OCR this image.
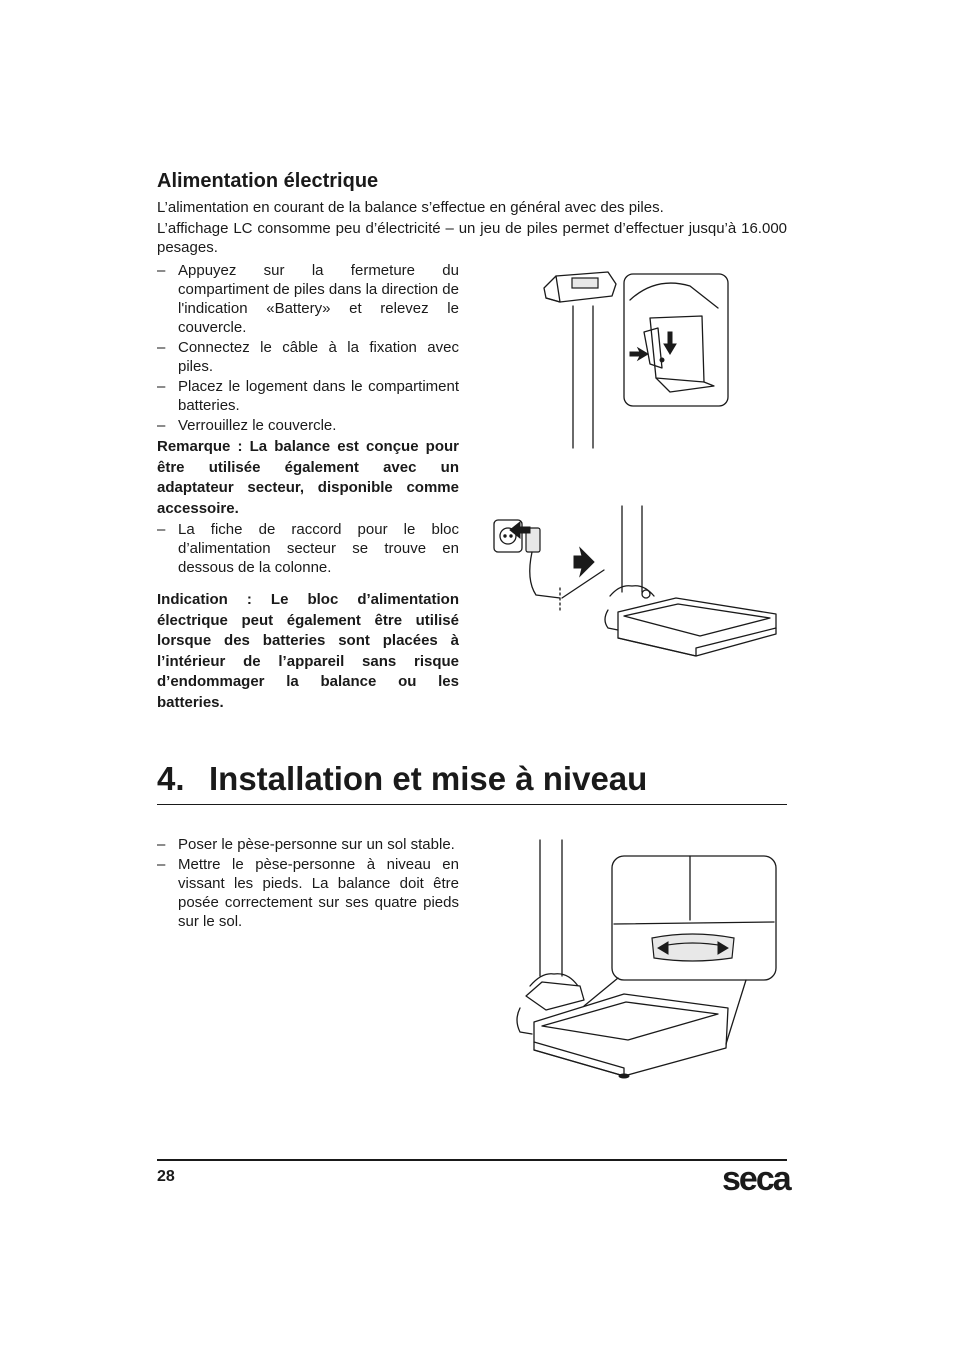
Alimentation électrique

L’alimentation en courant de la balance s’effectue en général avec des piles.

L’affichage LC consomme peu d’électricité – un jeu de piles permet d’effectuer jusqu’à 16.000 pesages.

– Appuyez sur la fermeture du compartiment de piles dans la direction de l'indication «Battery» et relevez le couvercle.
– Connectez le câble à la fixation avec piles.
– Placez le logement dans le compartiment batteries.
– Verrouillez le couvercle.

Remarque : La balance est conçue pour être utilisée également avec un adaptateur secteur, disponible comme accessoire.

– La fiche de raccord pour le bloc d’alimentation secteur se trouve en dessous de la colonne.

Indication : Le bloc d’alimentation électrique peut également être utilisé lorsque des batteries sont placées à l’intérieur de l’appareil sans risque d’endommager la balance ou les batteries.

4. Installation et mise à niveau
– Poser le pèse-personne sur un sol stable.
– Mettre le pèse-personne à niveau en vissant les pieds. La balance doit être posée correctement sur ses quatre pieds sur le sol.
28	seca
